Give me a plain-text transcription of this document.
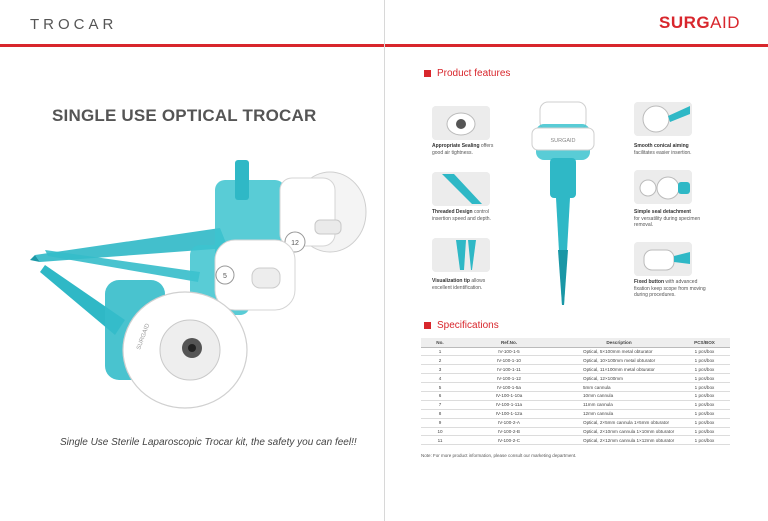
TROCAR	SURGAID
SINGLE USE OPTICAL TROCAR
12
5
SURGAID
Single Use Sterile Laparoscopic Trocar kit, the safety you can feel!!
Product features
SURGAID
Appropriate Sealing offers
good air tightness.
Threaded Design control
insertion speed and depth.
Visualization tip allows
excellent identification.
Smooth conical aiming
facilitates easier insertion.
Simple seal detachment
for versatility during specimen
removal.
Fixed button with advanced
fixation keep scope from moving
during procedures.
Specifications
No.	Ref.No.	Description	PCS/BOX
1	IV-100-1-5	Optical, 5×100mm metal obturator	1 pcs/box
2	IV-100-1-10	Optical, 10×100mm metal obturator	1 pcs/box
3	IV-100-1-11	Optical, 11×100mm metal obturator	1 pcs/box
4	IV-100-1-12	Optical, 12×100mm	1 pcs/box
5	IV-100-1-5a	5mm cannula	1 pcs/box
6	IV-100-1-10a	10mm cannula	1 pcs/box
7	IV-100-1-11a	11mm cannula	1 pcs/box
8	IV-100-1-12a	12mm cannula	1 pcs/box
9	IV-100-2-A	Optical, 2×5mm cannula 1×5mm obturator	1 pcs/box
10	IV-100-2-B	Optical, 2×10mm cannula 1×10mm obturator	1 pcs/box
11	IV-100-2-C	Optical, 2×12mm cannula 1×12mm obturator	1 pcs/box
Note: For more product information, please consult our marketing department.
